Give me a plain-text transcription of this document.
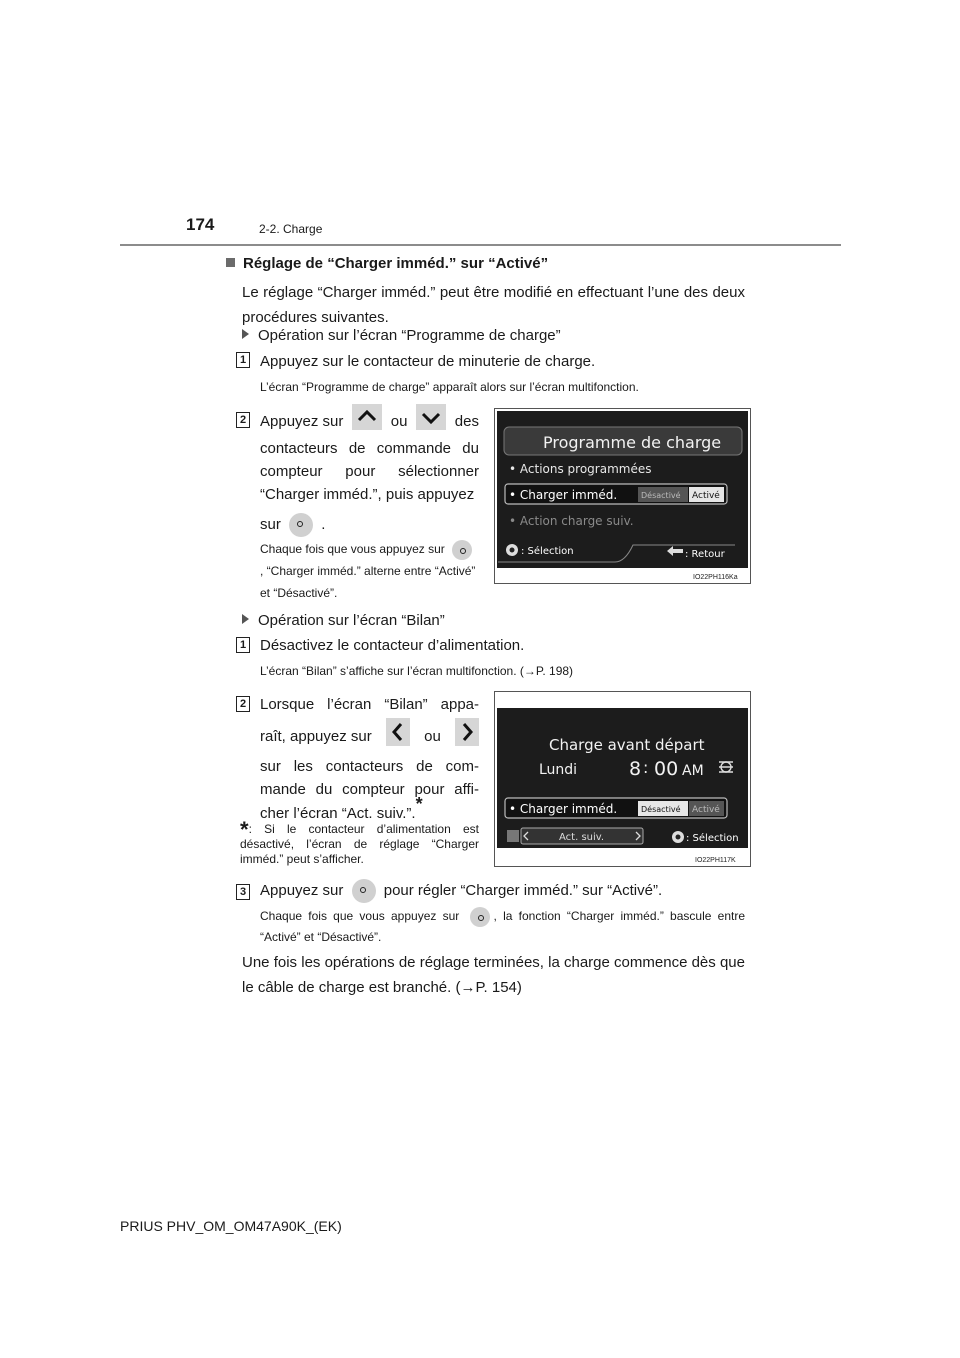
174	2-2. Charge
Réglage de “Charger imméd.” sur “Activé”
Le réglage “Charger imméd.” peut être modifié en effectuant l’une des deux procédures suivantes.
Opération sur l’écran “Programme de charge”
1 Appuyez sur le contacteur de minuterie de charge.
L’écran “Programme de charge” apparaît alors sur l’écran multifonction.
2 Appuyez sur	ou	des
contacteurs de commande du compteur pour sélectionner “Charger imméd.”, puis appuyez
sur	.
Chaque fois que vous appuyez sur , “Charger imméd.” alterne entre “Activé” et “Désactivé”.
Programme de charge
• Actions programmées
• Charger imméd.	Désactivé Activé
• Action charge suiv.
: Sélection	: Retour
IO22PH116Ka
Opération sur l’écran “Bilan”
1 Désactivez le contacteur d’alimentation.
L’écran “Bilan” s’affiche sur l’écran multifonction. (→P. 198)
2 Lorsque l’écran “Bilan” appa-
raît, appuyez sur	ou
sur les contacteurs de com-mande du compteur pour affi-cher l’écran “Act. suiv.”.*
*: Si le contacteur d’alimentation est désactivé, l’écran de réglage “Charger imméd.” peut s’afficher.
Charge avant départ
Lundi	8 : 00 AM
• Charger imméd.	Désactivé Activé
Act. suiv.	: Sélection
IO22PH117K
3 Appuyez sur	pour régler “Charger imméd.” sur “Activé”.
Chaque fois que vous appuyez sur	, la fonction “Charger imméd.” bascule entre “Activé” et “Désactivé”.
Une fois les opérations de réglage terminées, la charge commence dès que le câble de charge est branché. (→P. 154)
PRIUS PHV_OM_OM47A90K_(EK)
